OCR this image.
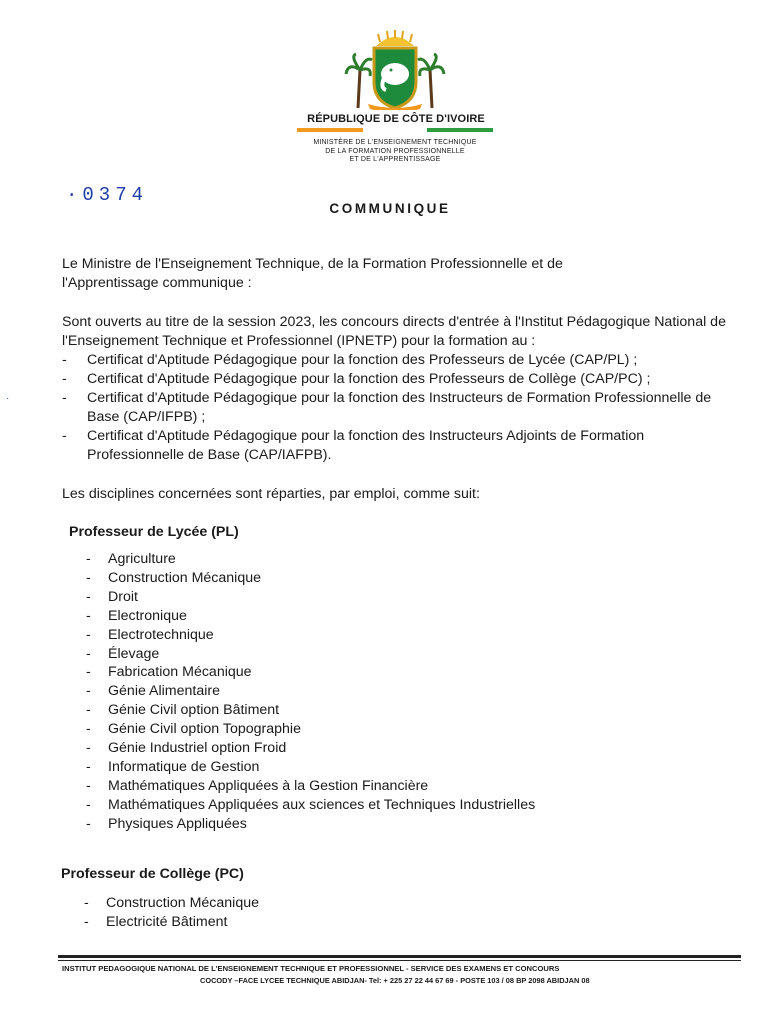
RÉPUBLIQUE DE CÔTE D'IVOIRE
MINISTÈRE DE L'ENSEIGNEMENT TECHNIQUE
DE LA FORMATION PROFESSIONNELLE
ET DE L'APPRENTISSAGE
·0374
·
COMMUNIQUE
Le Ministre de l'Enseignement Technique, de la Formation Professionnelle et de l'Apprentissage communique :
Sont ouverts au titre de la session 2023, les concours directs d'entrée à l'Institut Pédagogique National de l'Enseignement Technique et Professionnel (IPNETP) pour la formation au :
- Certificat d'Aptitude Pédagogique pour la fonction des Professeurs de Lycée (CAP/PL) ;
- Certificat d'Aptitude Pédagogique pour la fonction des Professeurs de Collège (CAP/PC) ;
- Certificat d'Aptitude Pédagogique pour la fonction des Instructeurs de Formation Professionnelle de Base (CAP/IFPB) ;
- Certificat d'Aptitude Pédagogique pour la fonction des Instructeurs Adjoints de Formation Professionnelle de Base (CAP/IAFPB).
Les disciplines concernées sont réparties, par emploi, comme suit:
Professeur de Lycée (PL)
- Agriculture
- Construction Mécanique
- Droit
- Electronique
- Electrotechnique
- Élevage
- Fabrication Mécanique
- Génie Alimentaire
- Génie Civil option Bâtiment
- Génie Civil option Topographie
- Génie Industriel option Froid
- Informatique de Gestion
- Mathématiques Appliquées à la Gestion Financière
- Mathématiques Appliquées aux sciences et Techniques Industrielles
- Physiques Appliquées
Professeur de Collège (PC)
- Construction Mécanique
- Electricité Bâtiment
INSTITUT PEDAGOGIQUE NATIONAL DE L'ENSEIGNEMENT TECHNIQUE ET PROFESSIONNEL - SERVICE DES EXAMENS ET CONCOURS
COCODY –FACE LYCEE TECHNIQUE ABIDJAN- Tel: + 225 27 22 44 67 69 - POSTE 103 / 08 BP 2098 ABIDJAN 08
